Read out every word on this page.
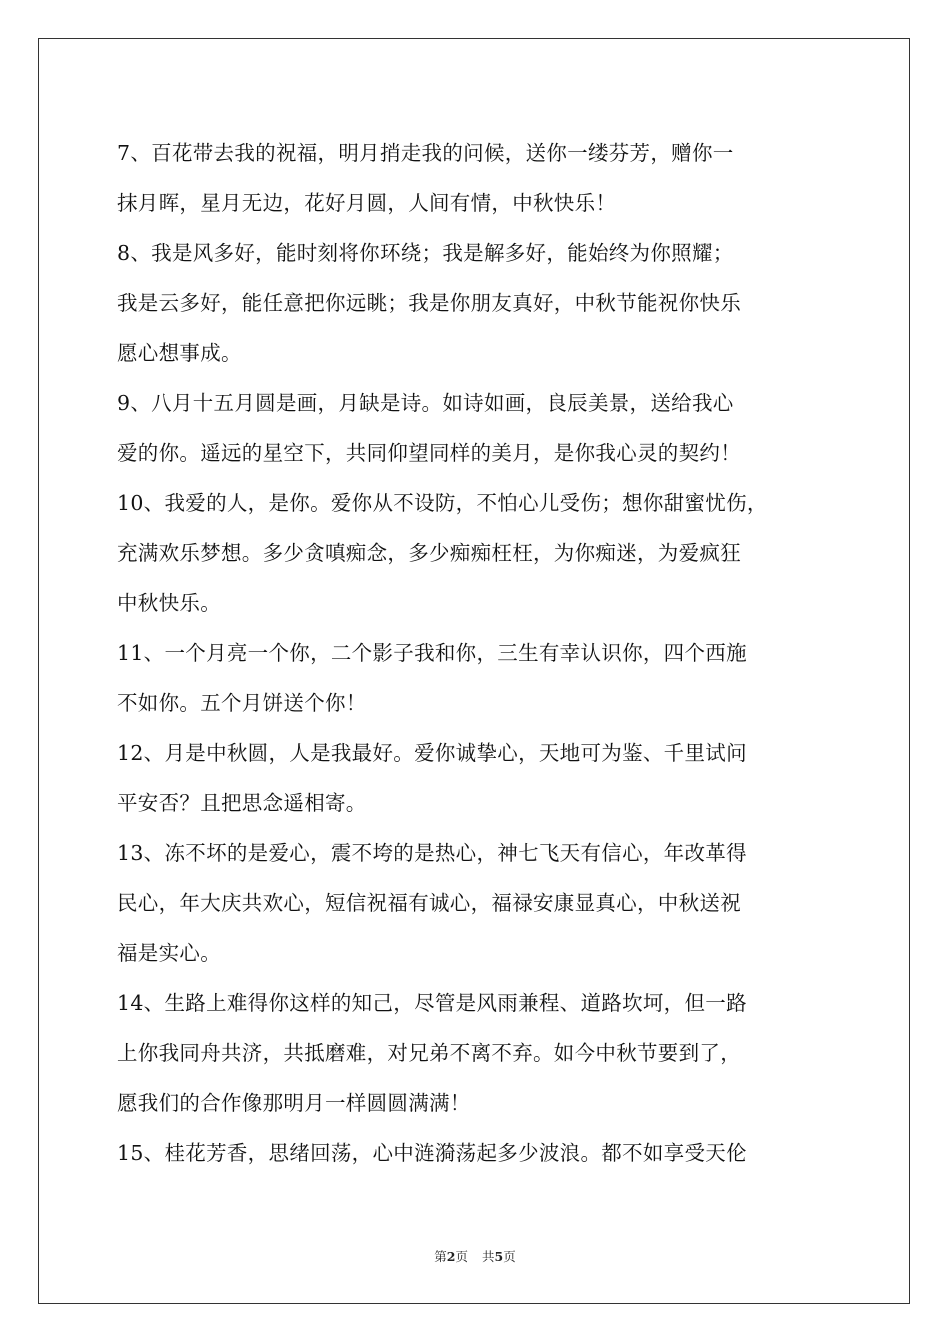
7、百花带去我的祝福，明月捎走我的问候，送你一缕芬芳，赠你一
抹月晖，星月无边，花好月圆，人间有情，中秋快乐！
8、我是风多好，能时刻将你环绕；我是解多好，能始终为你照耀；
我是云多好，能任意把你远眺；我是你朋友真好，中秋节能祝你快乐
愿心想事成。
9、八月十五月圆是画，月缺是诗。如诗如画，良辰美景，送给我心
爱的你。遥远的星空下，共同仰望同样的美月，是你我心灵的契约！
10、我爱的人，是你。爱你从不设防，不怕心儿受伤；想你甜蜜忧伤，
充满欢乐梦想。多少贪嗔痴念，多少痴痴枉枉，为你痴迷，为爱疯狂
中秋快乐。
11、一个月亮一个你，二个影子我和你，三生有幸认识你，四个西施
不如你。五个月饼送个你！
12、月是中秋圆，人是我最好。爱你诚挚心，天地可为鉴、千里试问
平安否？且把思念遥相寄。
13、冻不坏的是爱心，震不垮的是热心，神七飞天有信心，年改革得
民心，年大庆共欢心，短信祝福有诚心，福禄安康显真心，中秋送祝
福是实心。
14、生路上难得你这样的知己，尽管是风雨兼程、道路坎坷，但一路
上你我同舟共济，共抵磨难，对兄弟不离不弃。如今中秋节要到了，
愿我们的合作像那明月一样圆圆满满！
15、桂花芳香，思绪回荡，心中涟漪荡起多少波浪。都不如享受天伦
第2页 共5页
